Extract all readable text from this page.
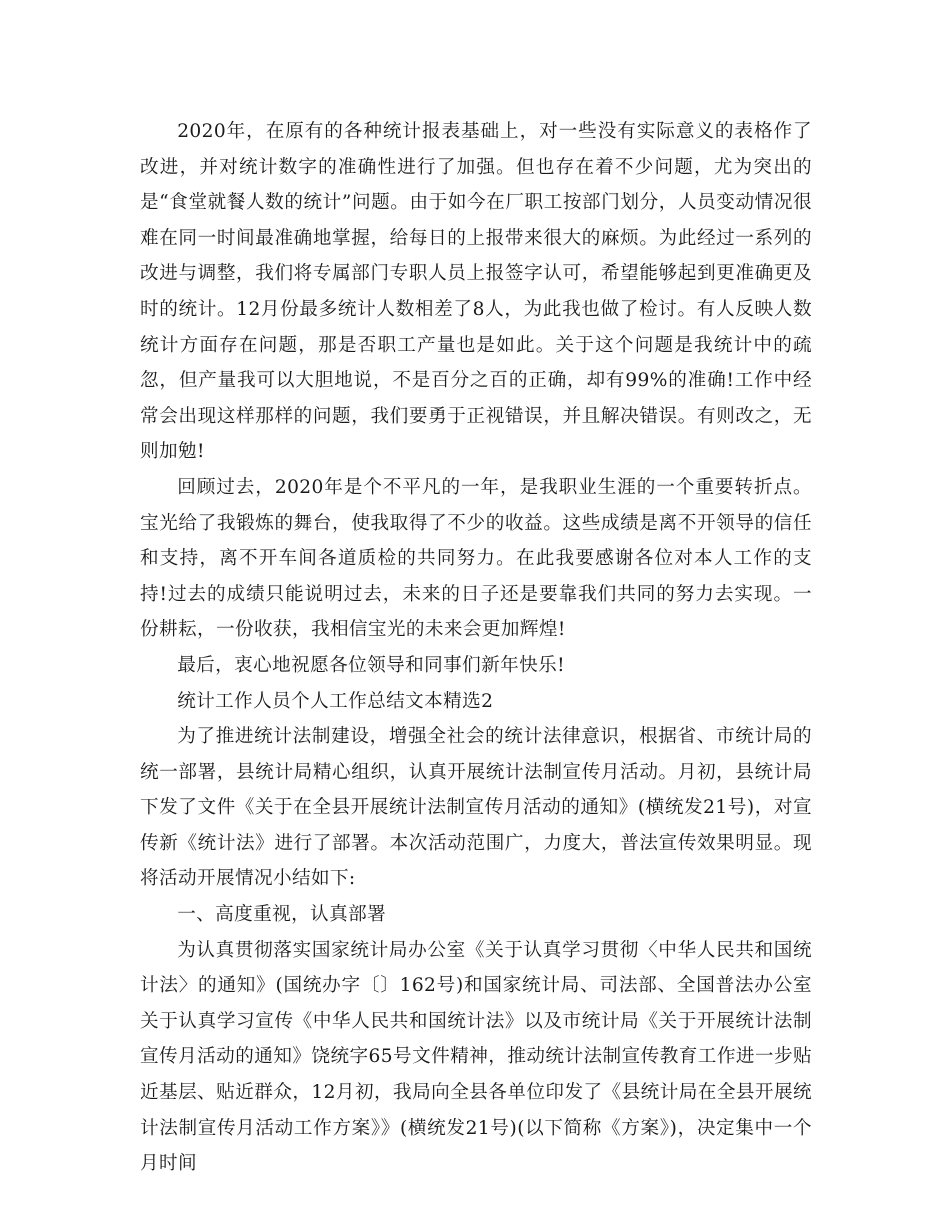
2020年，在原有的各种统计报表基础上，对一些没有实际意义的表格作了改进，并对统计数字的准确性进行了加强。但也存在着不少问题，尤为突出的是“食堂就餐人数的统计”问题。由于如今在厂职工按部门划分，人员变动情况很难在同一时间最准确地掌握，给每日的上报带来很大的麻烦。为此经过一系列的改进与调整，我们将专属部门专职人员上报签字认可，希望能够起到更准确更及时的统计。12月份最多统计人数相差了8人，为此我也做了检讨。有人反映人数统计方面存在问题，那是否职工产量也是如此。关于这个问题是我统计中的疏忽，但产量我可以大胆地说，不是百分之百的正确，却有99%的准确!工作中经常会出现这样那样的问题，我们要勇于正视错误，并且解决错误。有则改之，无则加勉!

回顾过去，2020年是个不平凡的一年，是我职业生涯的一个重要转折点。宝光给了我锻炼的舞台，使我取得了不少的收益。这些成绩是离不开领导的信任和支持，离不开车间各道质检的共同努力。在此我要感谢各位对本人工作的支持!过去的成绩只能说明过去，未来的日子还是要靠我们共同的努力去实现。一份耕耘，一份收获，我相信宝光的未来会更加辉煌!

最后，衷心地祝愿各位领导和同事们新年快乐!

统计工作人员个人工作总结文本精选2

为了推进统计法制建设，增强全社会的统计法律意识，根据省、市统计局的统一部署，县统计局精心组织，认真开展统计法制宣传月活动。月初，县统计局下发了文件《关于在全县开展统计法制宣传月活动的通知》(横统发21号)，对宣传新《统计法》进行了部署。本次活动范围广，力度大，普法宣传效果明显。现将活动开展情况小结如下:

一、高度重视，认真部署

为认真贯彻落实国家统计局办公室《关于认真学习贯彻〈中华人民共和国统计法〉的通知》(国统办字〔〕162号)和国家统计局、司法部、全国普法办公室关于认真学习宣传《中华人民共和国统计法》以及市统计局《关于开展统计法制宣传月活动的通知》饶统字65号文件精神，推动统计法制宣传教育工作进一步贴近基层、贴近群众，12月初，我局向全县各单位印发了《县统计局在全县开展统计法制宣传月活动工作方案》》(横统发21号)(以下简称《方案》)，决定集中一个月时间
